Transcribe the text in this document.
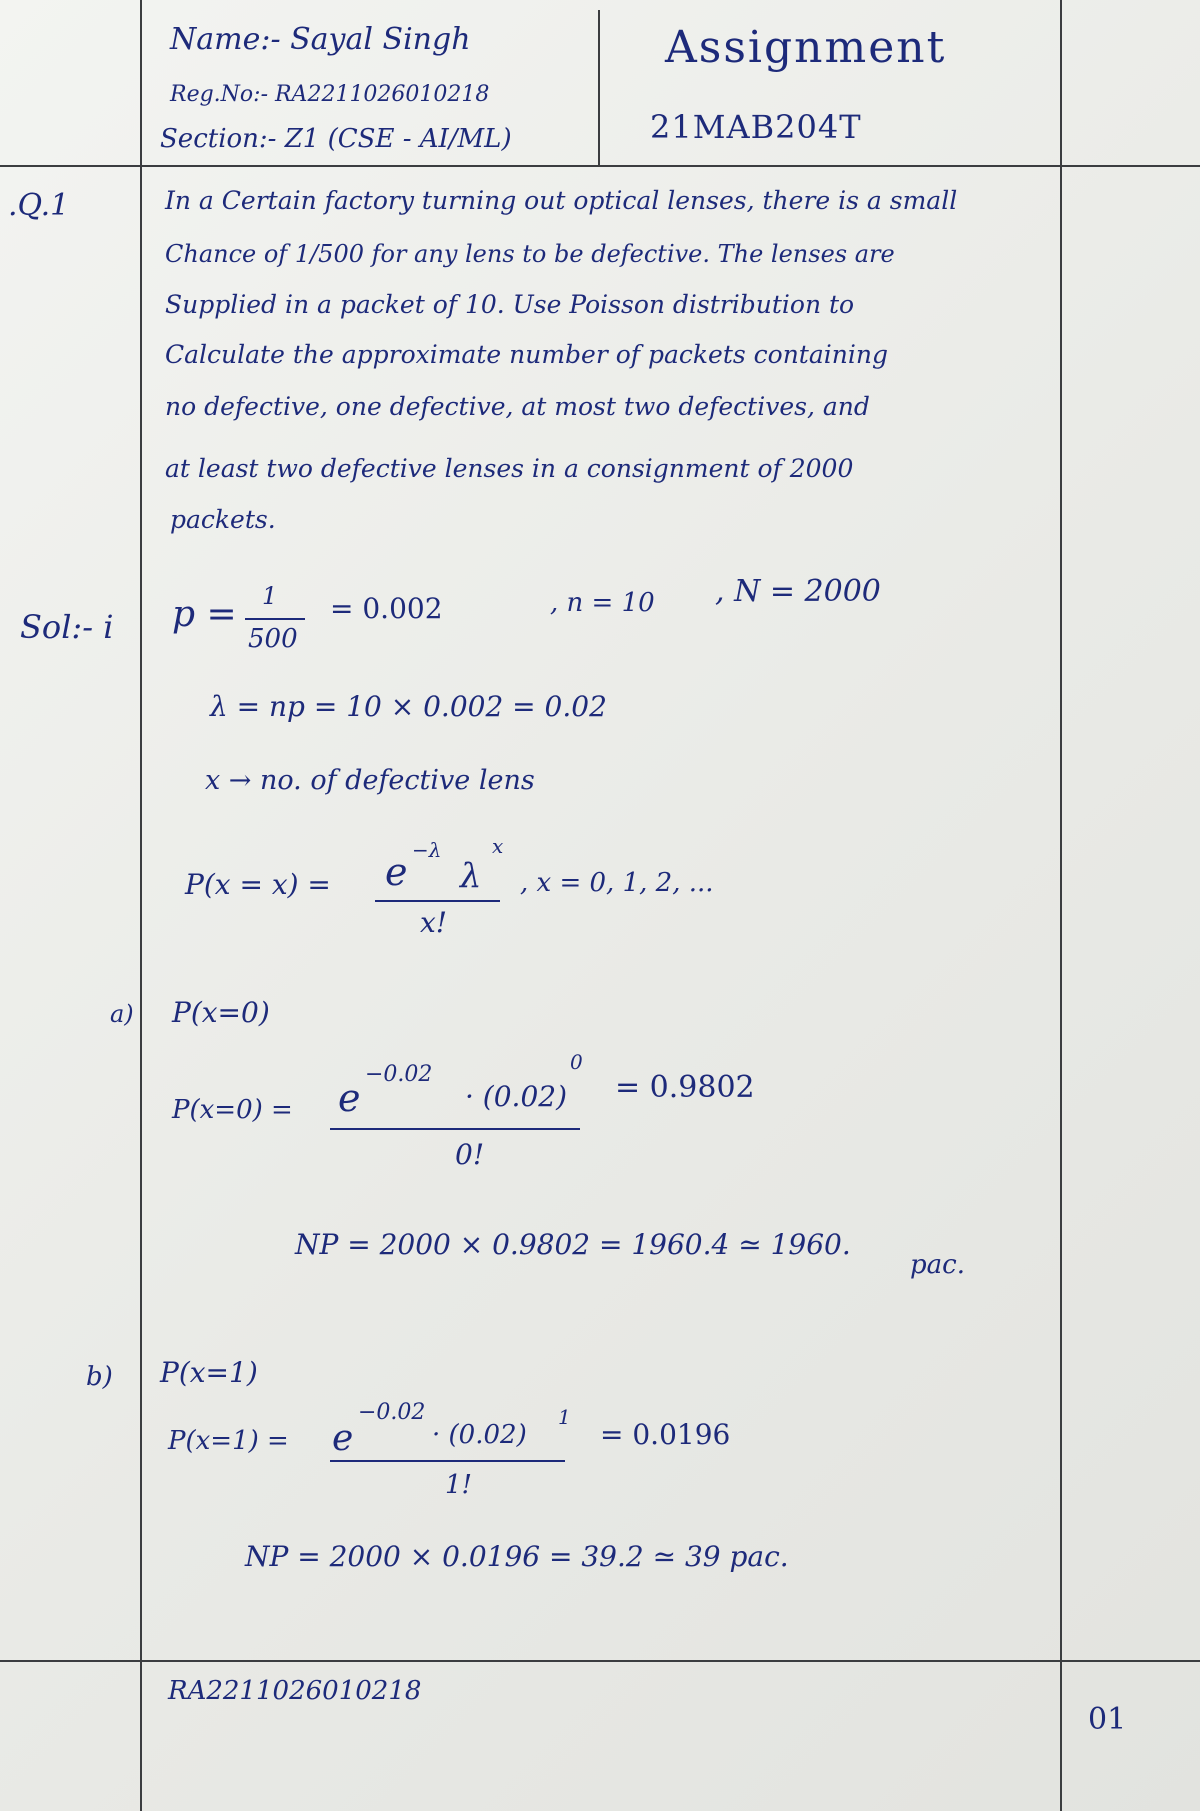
Name:- Sayal Singh
Reg.No:- RA2211026010218
Section:- Z1 (CSE - AI/ML)
Assignment
21MAB204T
.Q.1	In a Certain factory turning out optical lenses, there is a small
Chance of 1/500 for any lens to be defective. The lenses are
Supplied in a packet of 10. Use Poisson distribution to
Calculate the approximate number of packets containing
no defective, one defective, at most two defectives, and
at least two defective lenses in a consignment of 2000
packets.
Sol:- i p = 1
500
= 0.002	, n = 10 , N = 2000
λ = np = 10 × 0.002 = 0.02
x → no. of defective lens
P(x = x) = e −λ
λ
x
x!
, x = 0, 1, 2, ...
a) P(x=0)
P(x=0) = e
−0.02
· (0.02)
0
0!
= 0.9802
NP = 2000 × 0.9802 = 1960.4 ≃ 1960.
pac.
b) P(x=1)
P(x=1) = e
−0.02
· (0.02)
1
1!
= 0.0196
NP = 2000 × 0.0196 = 39.2 ≃ 39 pac.
RA2211026010218
01
